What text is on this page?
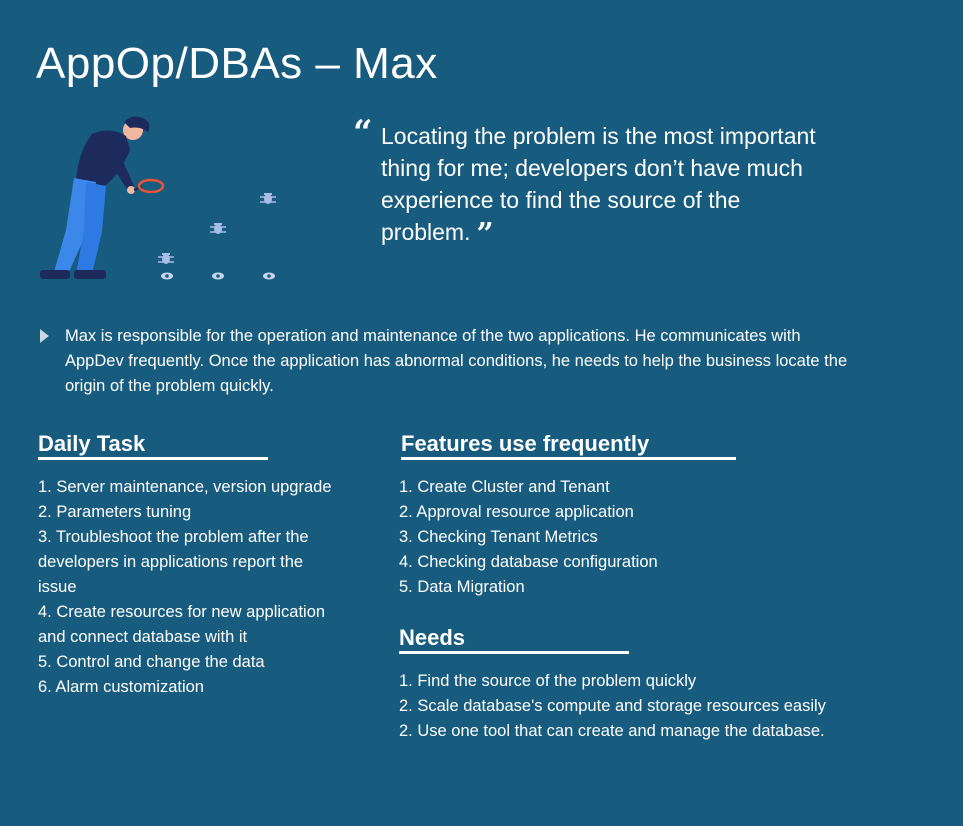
AppOp/DBAs – Max
“ Locating the problem is the most important thing for me; developers don’t have much experience to find the source of the problem. ”

Max is responsible for the operation and maintenance of the two applications. He communicates with AppDev frequently. Once the application has abnormal conditions, he needs to help the business locate the origin of the problem quickly.

Daily Task
1. Server maintenance, version upgrade
2. Parameters tuning
3. Troubleshoot the problem after the developers in applications report the issue
4. Create resources for new application and connect database with it
5. Control and change the data
6. Alarm customization
Features use frequently
1. Create Cluster and Tenant
2. Approval resource application
3. Checking Tenant Metrics
4. Checking database configuration
5. Data Migration
Needs
1. Find the source of the problem quickly
2. Scale database's compute and storage resources easily
2. Use one tool that can create and manage the database.
